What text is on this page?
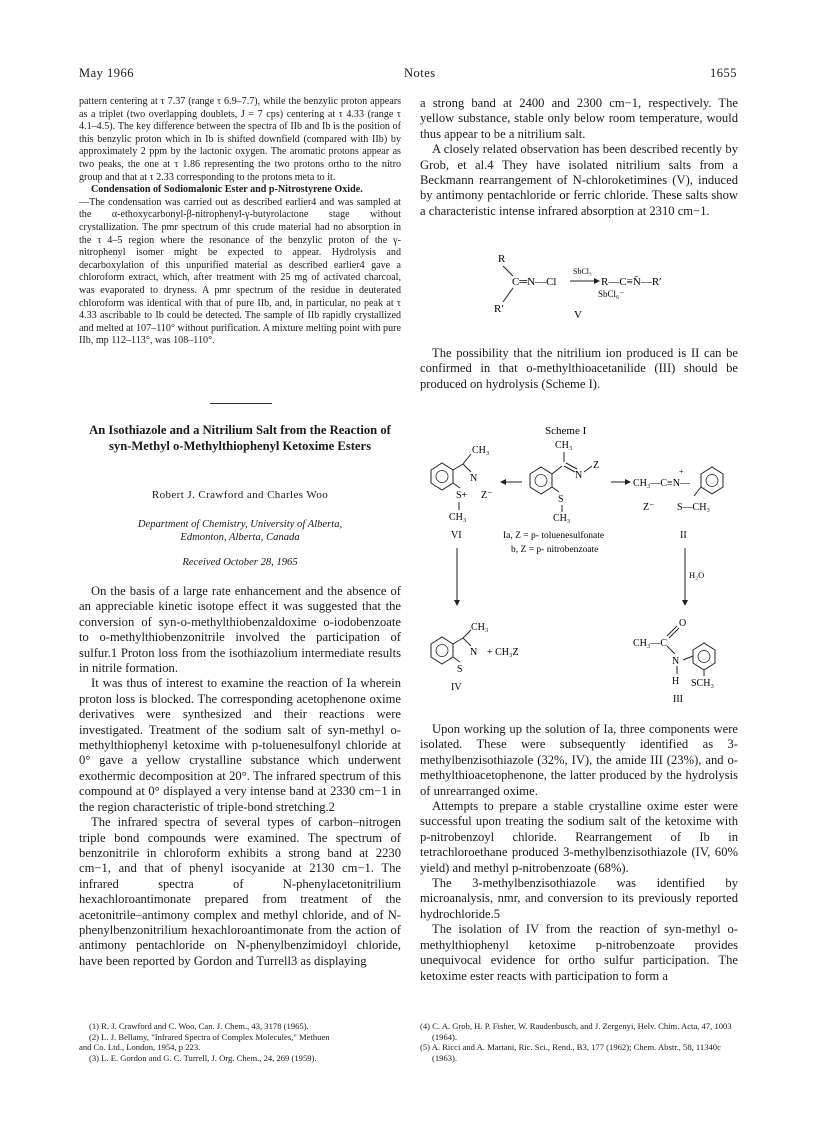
May 1966	Notes	1655

pattern centering at τ 7.37 (range τ 6.9–7.7), while the benzylic proton appears as a triplet (two overlapping doublets, J = 7 cps) centering at τ 4.33 (range τ 4.1–4.5). The key difference between the spectra of IIb and Ib is the position of this benzylic proton which in Ib is shifted downfield (compared with IIb) by approximately 2 ppm by the lactonic oxygen. The aromatic protons appear as two peaks, the one at τ 1.86 representing the two protons ortho to the nitro group and that at τ 2.33 corresponding to the protons meta to it.

Condensation of Sodiomalonic Ester and p-Nitrostyrene Oxide.

—The condensation was carried out as described earlier4 and was sampled at the α-ethoxycarbonyl-β-nitrophenyl-γ-butyrolactone stage without crystallization. The pmr spectrum of this crude material had no absorption in the τ 4–5 region where the resonance of the benzylic proton of the γ-nitrophenyl isomer might be expected to appear. Hydrolysis and decarboxylation of this unpurified material as described earlier4 gave a chloroform extract, which, after treatment with 25 mg of activated charcoal, was evaporated to dryness. A pmr spectrum of the residue in deuterated chloroform was identical with that of pure IIb, and, in particular, no peak at τ 4.33 ascribable to Ib could be detected. The sample of IIb rapidly crystallized and melted at 107–110° without purification. A mixture melting point with pure IIb, mp 112–113°, was 108–110°.

An Isothiazole and a Nitrilium Salt from the Reaction of syn-Methyl o-Methylthiophenyl Ketoxime Esters
Robert J. Crawford and Charles Woo
Department of Chemistry, University of Alberta,
Edmonton, Alberta, Canada
Received October 28, 1965

On the basis of a large rate enhancement and the absence of an appreciable kinetic isotope effect it was suggested that the conversion of syn-o-methylthiobenzaldoxime o-iodobenzoate to o-methylthiobenzonitrile involved the participation of sulfur.1 Proton loss from the isothiazolium intermediate results in nitrile formation.

It was thus of interest to examine the reaction of Ia wherein proton loss is blocked. The corresponding acetophenone oxime derivatives were synthesized and their reactions were investigated. Treatment of the sodium salt of syn-methyl o-methylthiophenyl ketoxime with p-toluenesulfonyl chloride at 0° gave a yellow crystalline substance which underwent exothermic decomposition at 20°. The infrared spectrum of this compound at 0° displayed a very intense band at 2330 cm−1 in the region characteristic of triple-bond stretching.2

The infrared spectra of several types of carbon–nitrogen triple bond compounds were examined. The spectrum of benzonitrile in chloroform exhibits a strong band at 2230 cm−1, and that of phenyl isocyanide at 2130 cm−1. The infrared spectra of N-phenylacetonitrilium hexachloroantimonate prepared from treatment of the acetonitrile–antimony complex and methyl chloride, and of N-phenylbenzonitrilium hexachloroantimonate from the action of antimony pentachloride on N-phenylbenzimidoyl chloride, have been reported by Gordon and Turrell3 as displaying

a strong band at 2400 and 2300 cm−1, respectively. The yellow substance, stable only below room temperature, would thus appear to be a nitrilium salt.

A closely related observation has been described recently by Grob, et al.4 They have isolated nitrilium salts from a Beckmann rearrangement of N-chloroketimines (V), induced by antimony pentachloride or ferric chloride. These salts show a characteristic intense infrared absorption at 2310 cm−1.

R
C═N—Cl
R′
SbCl₅
R—C≡N̄—R′
SbCl₆⁻
V

The possibility that the nitrilium ion produced is II can be confirmed in that o-methylthioacetanilide (III) should be produced on hydrolysis (Scheme I).

Scheme I
CH₃
N
S+ Z⁻
CH₃
VI
CH₃
N
Z
S
CH₃
Ia, Z = p- toluenesulfonate
b, Z = p- nitrobenzoate
CH₃—C≡N—
+
Z⁻ S—CH₃
II
H₂O
CH₃
N
S
+ CH₃Z
IV
CH₃—C
O
N
H SCH₃
III

Upon working up the solution of Ia, three components were isolated. These were subsequently identified as 3-methylbenzisothiazole (32%, IV), the amide III (23%), and o-methylthioacetophenone, the latter produced by the hydrolysis of unrearranged oxime.

Attempts to prepare a stable crystalline oxime ester were successful upon treating the sodium salt of the ketoxime with p-nitrobenzoyl chloride. Rearrangement of Ib in tetrachloroethane produced 3-methylbenzisothiazole (IV, 60% yield) and methyl p-nitrobenzoate (68%).

The 3-methylbenzisothiazole was identified by microanalysis, nmr, and conversion to its previously reported hydrochloride.5

The isolation of IV from the reaction of syn-methyl o-methylthiophenyl ketoxime p-nitrobenzoate provides unequivocal evidence for ortho sulfur participation. The ketoxime ester reacts with participation to form a

(1) R. J. Crawford and C. Woo, Can. J. Chem., 43, 3178 (1965).

(2) L. J. Bellamy, "Infrared Spectra of Complex Molecules," Methuen

and Co. Ltd., London, 1954, p 223.

(3) L. E. Gordon and G. C. Turrell, J. Org. Chem., 24, 269 (1959).

(4) C. A. Grob, H. P. Fisher, W. Raudenbusch, and J. Zergenyi, Helv. Chim. Acta, 47, 1003 (1964).

(5) A. Ricci and A. Martani, Ric. Sci., Rend., B3, 177 (1962); Chem. Abstr., 58, 11340c (1963).
